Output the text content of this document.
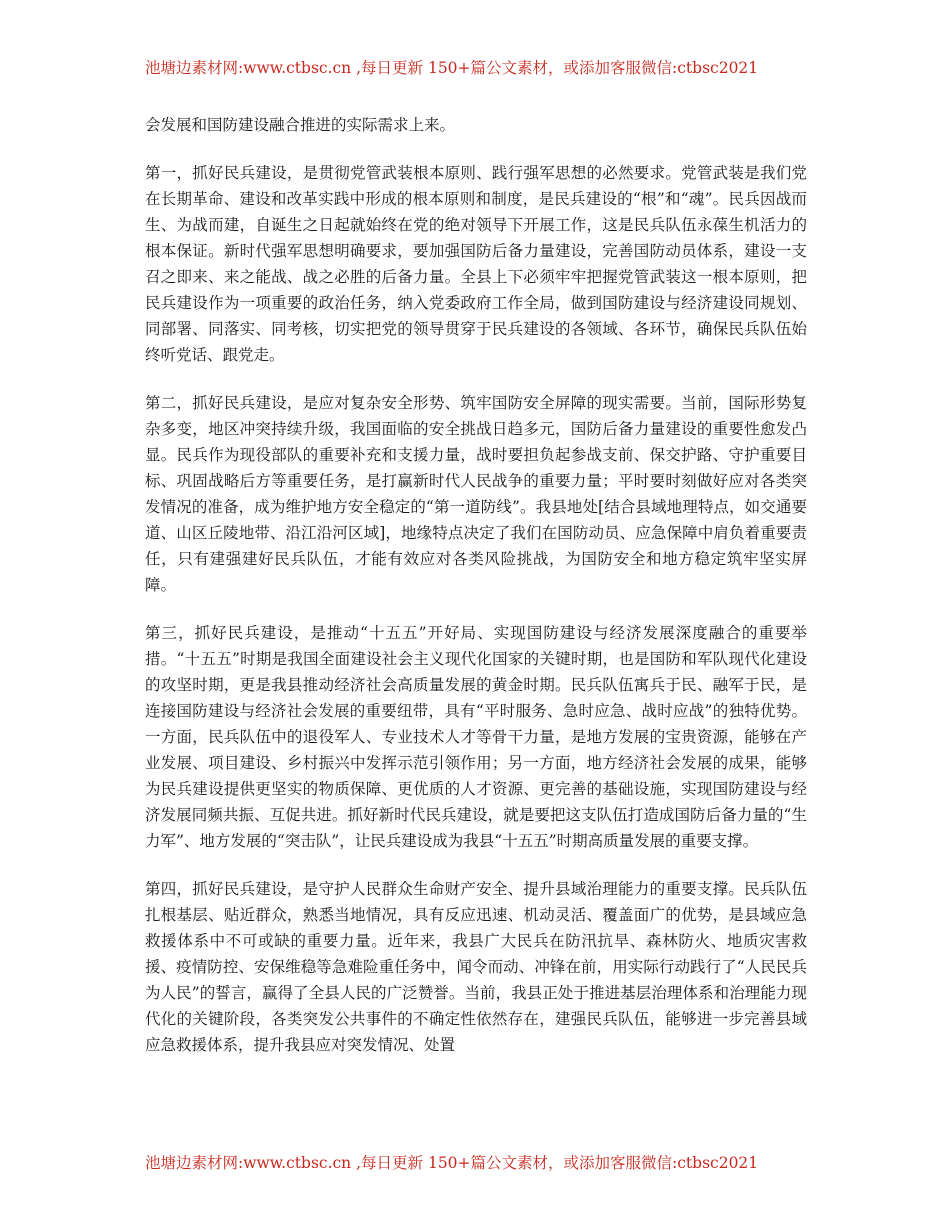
池塘边素材网:www.ctbsc.cn ,每日更新 150+篇公文素材，或添加客服微信:ctbsc2021

会发展和国防建设融合推进的实际需求上来。

第一，抓好民兵建设，是贯彻党管武装根本原则、践行强军思想的必然要求。党管武装是我们党在长期革命、建设和改革实践中形成的根本原则和制度，是民兵建设的“根”和“魂”。民兵因战而生、为战而建，自诞生之日起就始终在党的绝对领导下开展工作，这是民兵队伍永葆生机活力的根本保证。新时代强军思想明确要求，要加强国防后备力量建设，完善国防动员体系，建设一支召之即来、来之能战、战之必胜的后备力量。全县上下必须牢牢把握党管武装这一根本原则，把民兵建设作为一项重要的政治任务，纳入党委政府工作全局，做到国防建设与经济建设同规划、同部署、同落实、同考核，切实把党的领导贯穿于民兵建设的各领域、各环节，确保民兵队伍始终听党话、跟党走。

第二，抓好民兵建设，是应对复杂安全形势、筑牢国防安全屏障的现实需要。当前，国际形势复杂多变，地区冲突持续升级，我国面临的安全挑战日趋多元，国防后备力量建设的重要性愈发凸显。民兵作为现役部队的重要补充和支援力量，战时要担负起参战支前、保交护路、守护重要目标、巩固战略后方等重要任务，是打赢新时代人民战争的重要力量；平时要时刻做好应对各类突发情况的准备，成为维护地方安全稳定的“第一道防线”。我县地处[结合县域地理特点，如交通要道、山区丘陵地带、沿江沿河区域]，地缘特点决定了我们在国防动员、应急保障中肩负着重要责任，只有建强建好民兵队伍，才能有效应对各类风险挑战，为国防安全和地方稳定筑牢坚实屏障。

第三，抓好民兵建设，是推动“十五五”开好局、实现国防建设与经济发展深度融合的重要举措。“十五五”时期是我国全面建设社会主义现代化国家的关键时期，也是国防和军队现代化建设的攻坚时期，更是我县推动经济社会高质量发展的黄金时期。民兵队伍寓兵于民、融军于民，是连接国防建设与经济社会发展的重要纽带，具有“平时服务、急时应急、战时应战”的独特优势。一方面，民兵队伍中的退役军人、专业技术人才等骨干力量，是地方发展的宝贵资源，能够在产业发展、项目建设、乡村振兴中发挥示范引领作用；另一方面，地方经济社会发展的成果，能够为民兵建设提供更坚实的物质保障、更优质的人才资源、更完善的基础设施，实现国防建设与经济发展同频共振、互促共进。抓好新时代民兵建设，就是要把这支队伍打造成国防后备力量的“生力军”、地方发展的“突击队”，让民兵建设成为我县“十五五”时期高质量发展的重要支撑。

第四，抓好民兵建设，是守护人民群众生命财产安全、提升县域治理能力的重要支撑。民兵队伍扎根基层、贴近群众，熟悉当地情况，具有反应迅速、机动灵活、覆盖面广的优势，是县域应急救援体系中不可或缺的重要力量。近年来，我县广大民兵在防汛抗旱、森林防火、地质灾害救援、疫情防控、安保维稳等急难险重任务中，闻令而动、冲锋在前，用实际行动践行了“人民民兵为人民”的誓言，赢得了全县人民的广泛赞誉。当前，我县正处于推进基层治理体系和治理能力现代化的关键阶段，各类突发公共事件的不确定性依然存在，建强民兵队伍，能够进一步完善县域应急救援体系，提升我县应对突发情况、处置

池塘边素材网:www.ctbsc.cn ,每日更新 150+篇公文素材，或添加客服微信:ctbsc2021
